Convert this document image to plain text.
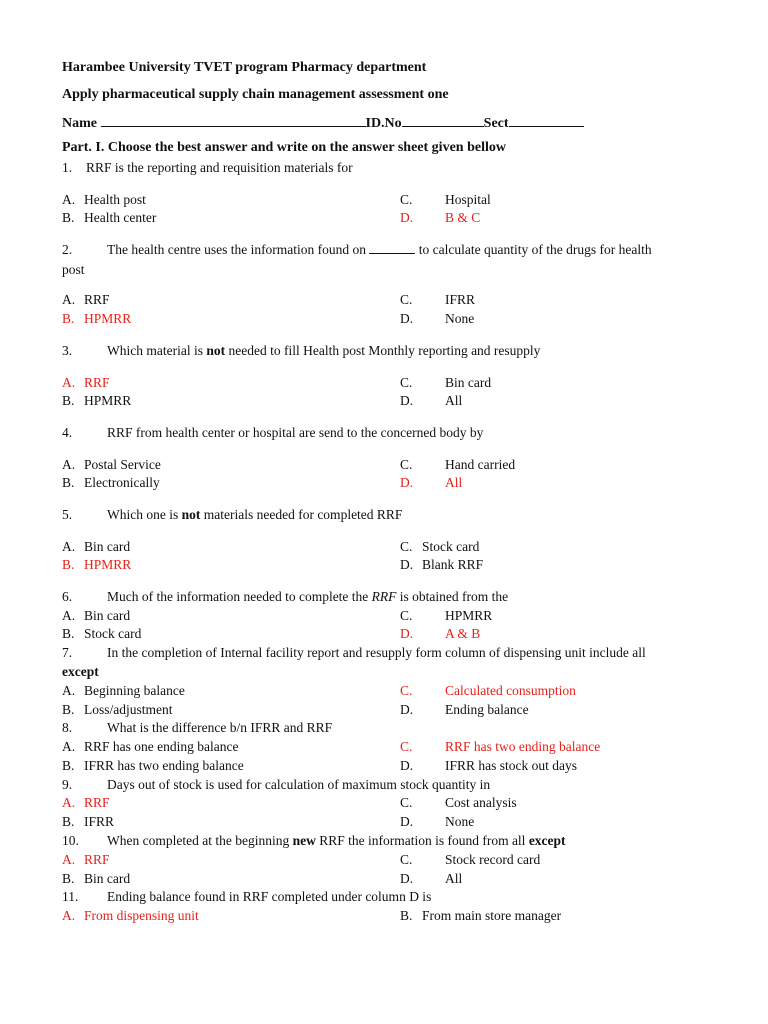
Harambee University TVET program Pharmacy department
Apply pharmaceutical supply chain management assessment one
Name	ID.No	Sect
Part. I. Choose the best answer and write on the answer sheet given bellow
1. RRF is the reporting and requisition materials for
A. Health post
B. Health center
C. Hospital
D. B & C
2.	The health centre uses the information found on	to calculate quantity of the drugs for health
post
A. RRF
B. HPMRR
C. IFRR
D. None
3.	Which material is not needed to fill Health post Monthly reporting and resupply
A. RRF
B. HPMRR
C. Bin card
D. All
4.	RRF from health center or hospital are send to the concerned body by
A. Postal Service
B. Electronically
C. Hand carried
D. All
5.	Which one is not materials needed for completed RRF
A. Bin card
B. HPMRR
C. Stock card
D. Blank RRF
6.	Much of the information needed to complete the RRF is obtained from the
A. Bin card
B. Stock card
C. HPMRR
D. A & B
7.	In the completion of Internal facility report and resupply form column of dispensing unit include all
except
A. Beginning balance
B. Loss/adjustment
C. Calculated consumption
D. Ending balance
8.	What is the difference b/n IFRR and RRF
A. RRF has one ending balance
B. IFRR has two ending balance
C. RRF has two ending balance
D. IFRR has stock out days
9.	Days out of stock is used for calculation of maximum stock quantity in
A. RRF
B. IFRR
C. Cost analysis
D. None
10. When completed at the beginning new RRF the information is found from all except
A. RRF
B. Bin card
C. Stock record card
D. All
11. Ending balance found in RRF completed under column D is
A. From dispensing unit	B. From main store manager
